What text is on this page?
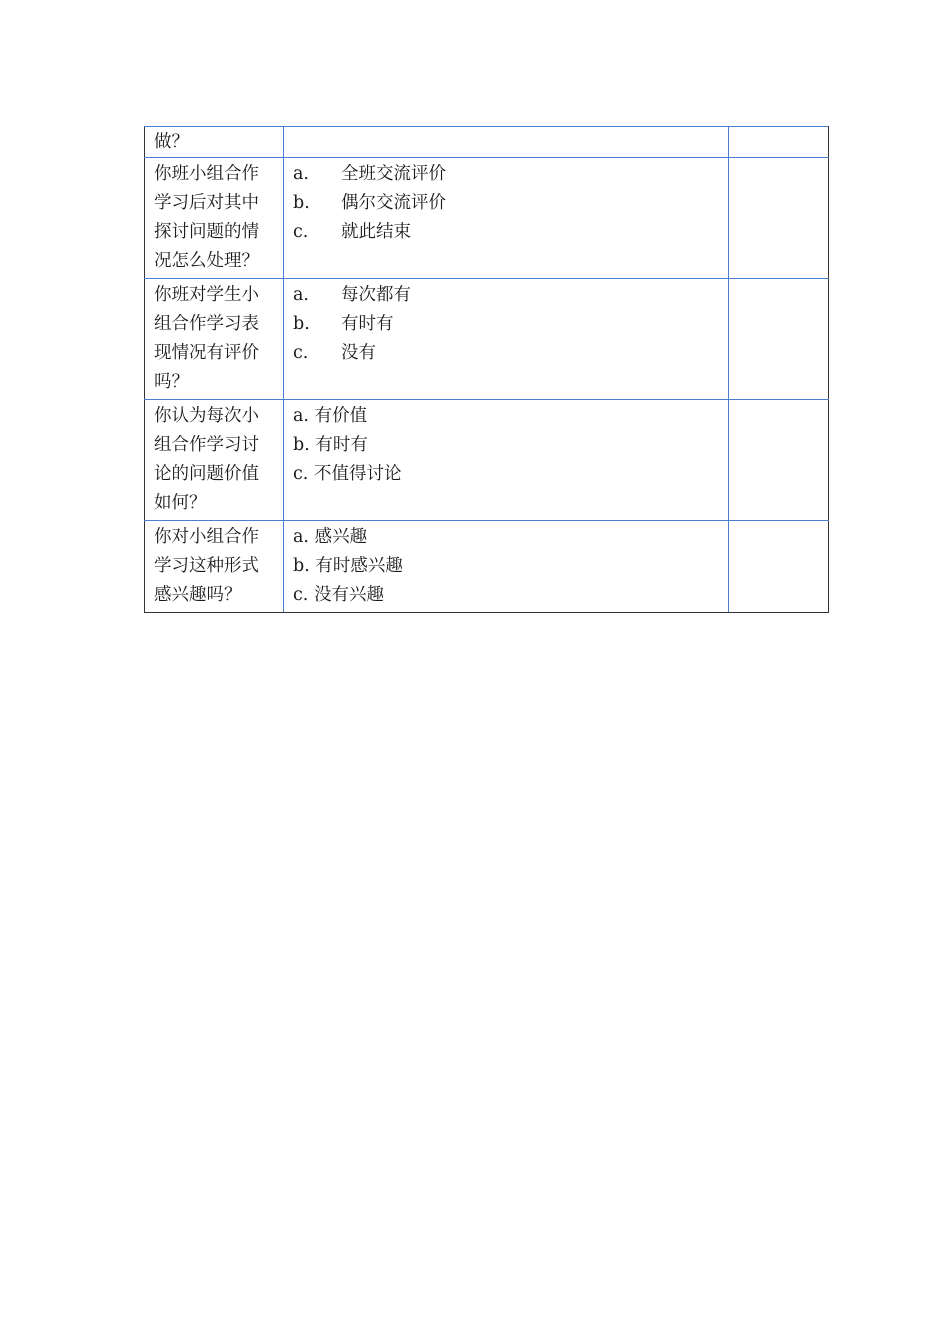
做？		
你班小组合作学习后对其中探讨问题的情况怎么处理？	a. 全班交流评价
b. 偶尔交流评价
c. 就此结束	

你班对学生小组合作学习表现情况有评价吗？	a. 每次都有
b. 有时有
c. 没有	

你认为每次小组合作学习讨论的问题价值如何？	a. 有价值
b. 有时有
c. 不值得讨论	

你对小组合作学习这种形式感兴趣吗？	a. 感兴趣
b. 有时感兴趣
c. 没有兴趣	
